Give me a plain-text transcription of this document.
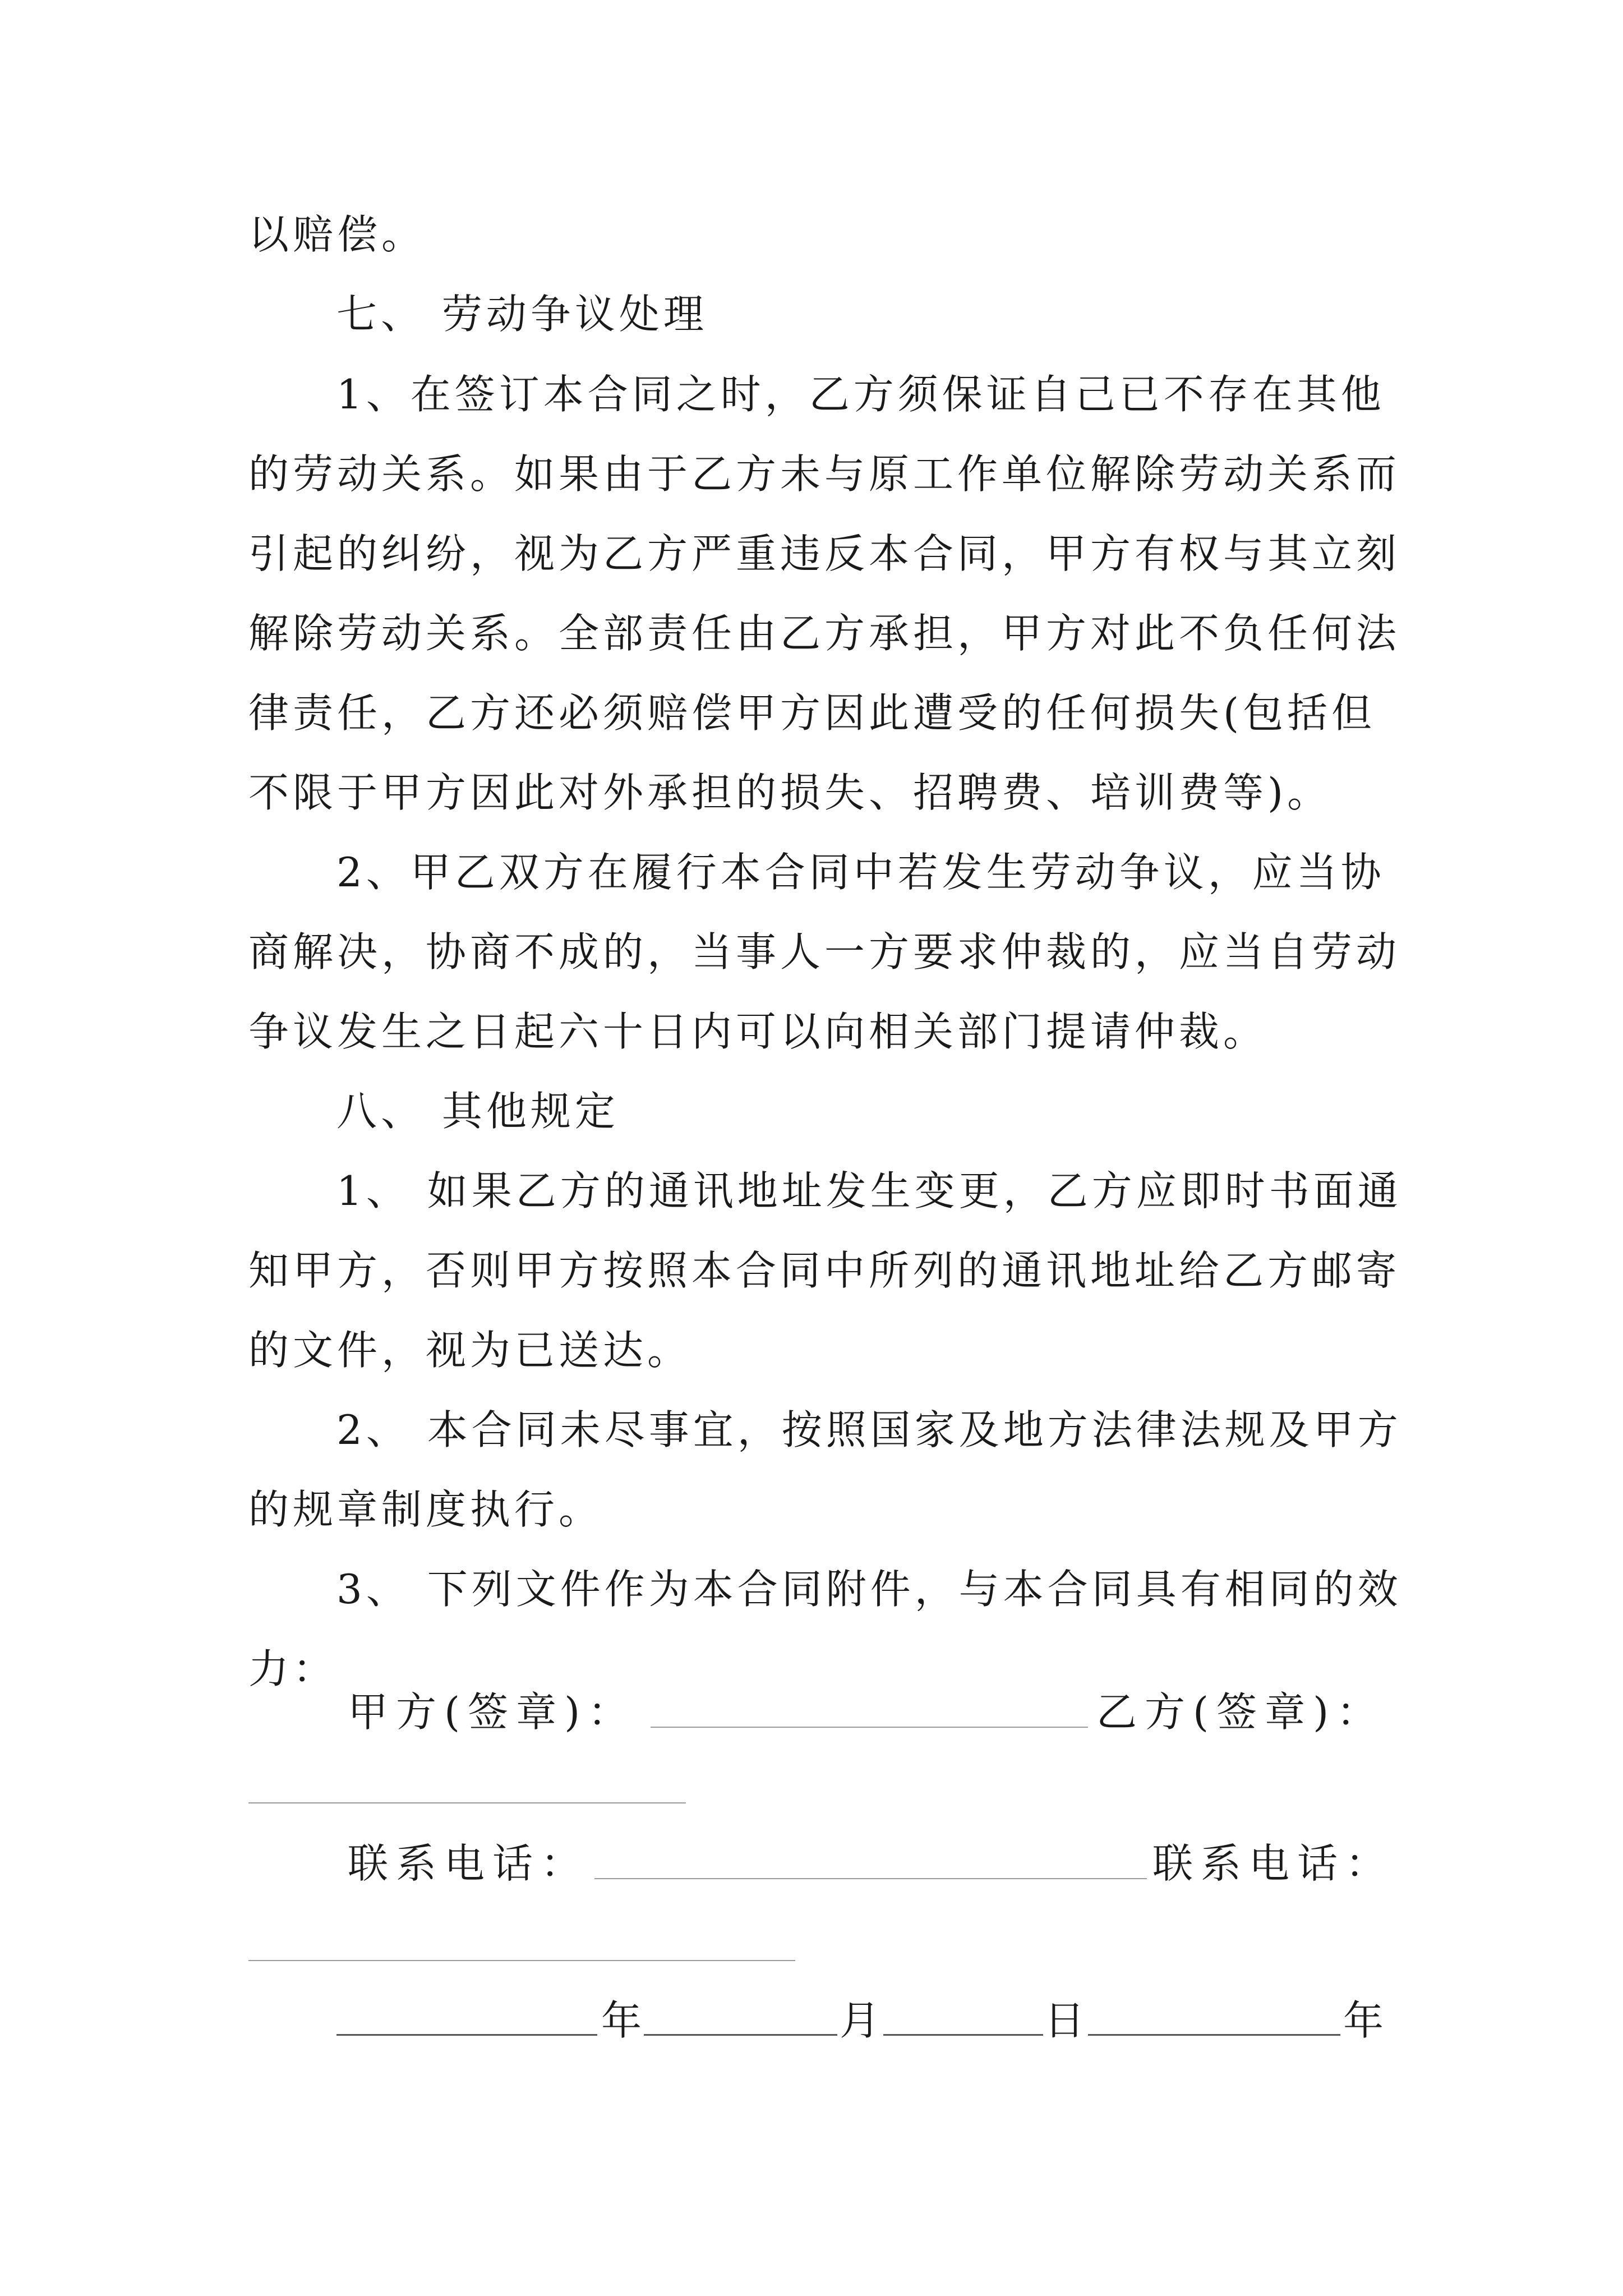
以赔偿。
七、 劳动争议处理
1、在签订本合同之时，乙方须保证自己已不存在其他
的劳动关系。如果由于乙方未与原工作单位解除劳动关系而
引起的纠纷，视为乙方严重违反本合同，甲方有权与其立刻
解除劳动关系。全部责任由乙方承担，甲方对此不负任何法
律责任，乙方还必须赔偿甲方因此遭受的任何损失(包括但
不限于甲方因此对外承担的损失、招聘费、培训费等)。
2、甲乙双方在履行本合同中若发生劳动争议，应当协
商解决，协商不成的，当事人一方要求仲裁的，应当自劳动
争议发生之日起六十日内可以向相关部门提请仲裁。
八、 其他规定
1、 如果乙方的通讯地址发生变更，乙方应即时书面通
知甲方，否则甲方按照本合同中所列的通讯地址给乙方邮寄
的文件，视为已送达。
2、 本合同未尽事宜，按照国家及地方法律法规及甲方
的规章制度执行。
3、 下列文件作为本合同附件，与本合同具有相同的效
力：
甲方(签章)：	乙方(签章)：
联系电话：	联系电话：
年	月	日	年
